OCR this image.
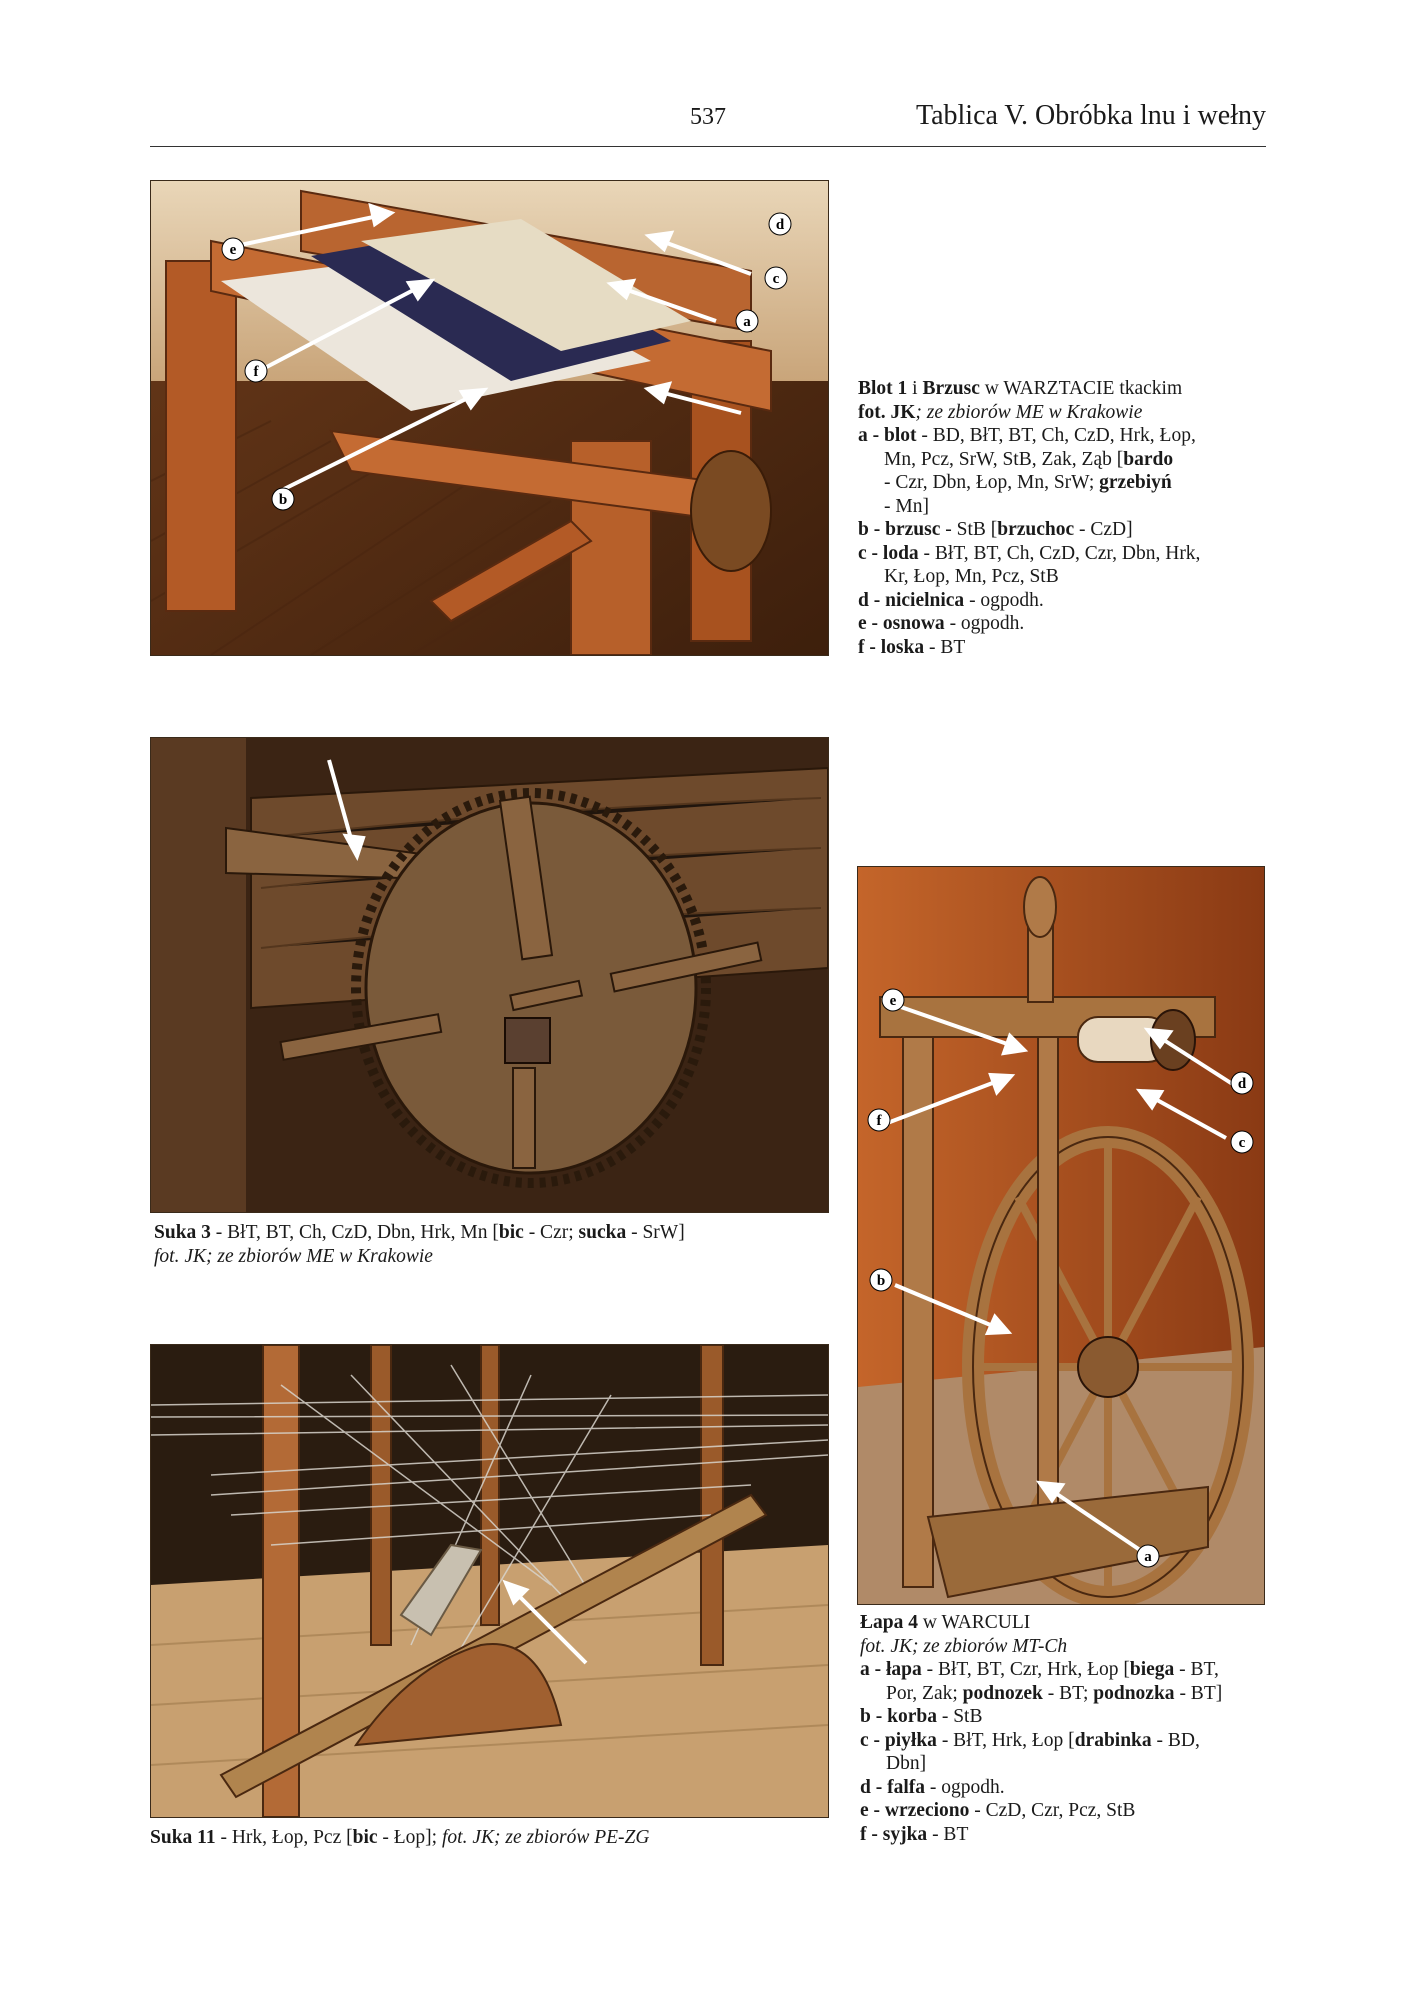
537	Tablica V. Obróbka lnu i wełny
a
b
c
d
e
f
Blot 1 i Brzusc w WARZTACIE tkackim
fot. JK; ze zbiorów ME w Krakowie
a - blot - BD, BłT, BT, Ch, CzD, Hrk, Łop,
Mn, Pcz, SrW, StB, Zak, Ząb [bardo
- Czr, Dbn, Łop, Mn, SrW; grzebiyń
- Mn]
b - brzusc - StB [brzuchoc - CzD]
c - loda - BłT, BT, Ch, CzD, Czr, Dbn, Hrk,
Kr, Łop, Mn, Pcz, StB
d - nicielnica - ogpodh.
e - osnowa - ogpodh.
f - loska - BT
Suka 3 - BłT, BT, Ch, CzD, Dbn, Hrk, Mn [bic - Czr; sucka - SrW]
fot. JK; ze zbiorów ME w Krakowie
Suka 11 - Hrk, Łop, Pcz [bic - Łop]; fot. JK; ze zbiorów PE-ZG
a
b
c
d
e
f
Łapa 4 w WARCULI
fot. JK; ze zbiorów MT-Ch
a - łapa - BłT, BT, Czr, Hrk, Łop [biega - BT,
Por, Zak; podnozek - BT; podnozka - BT]
b - korba - StB
c - piyłka - BłT, Hrk, Łop [drabinka - BD,
Dbn]
d - falfa - ogpodh.
e - wrzeciono - CzD, Czr, Pcz, StB
f - syjka - BT
